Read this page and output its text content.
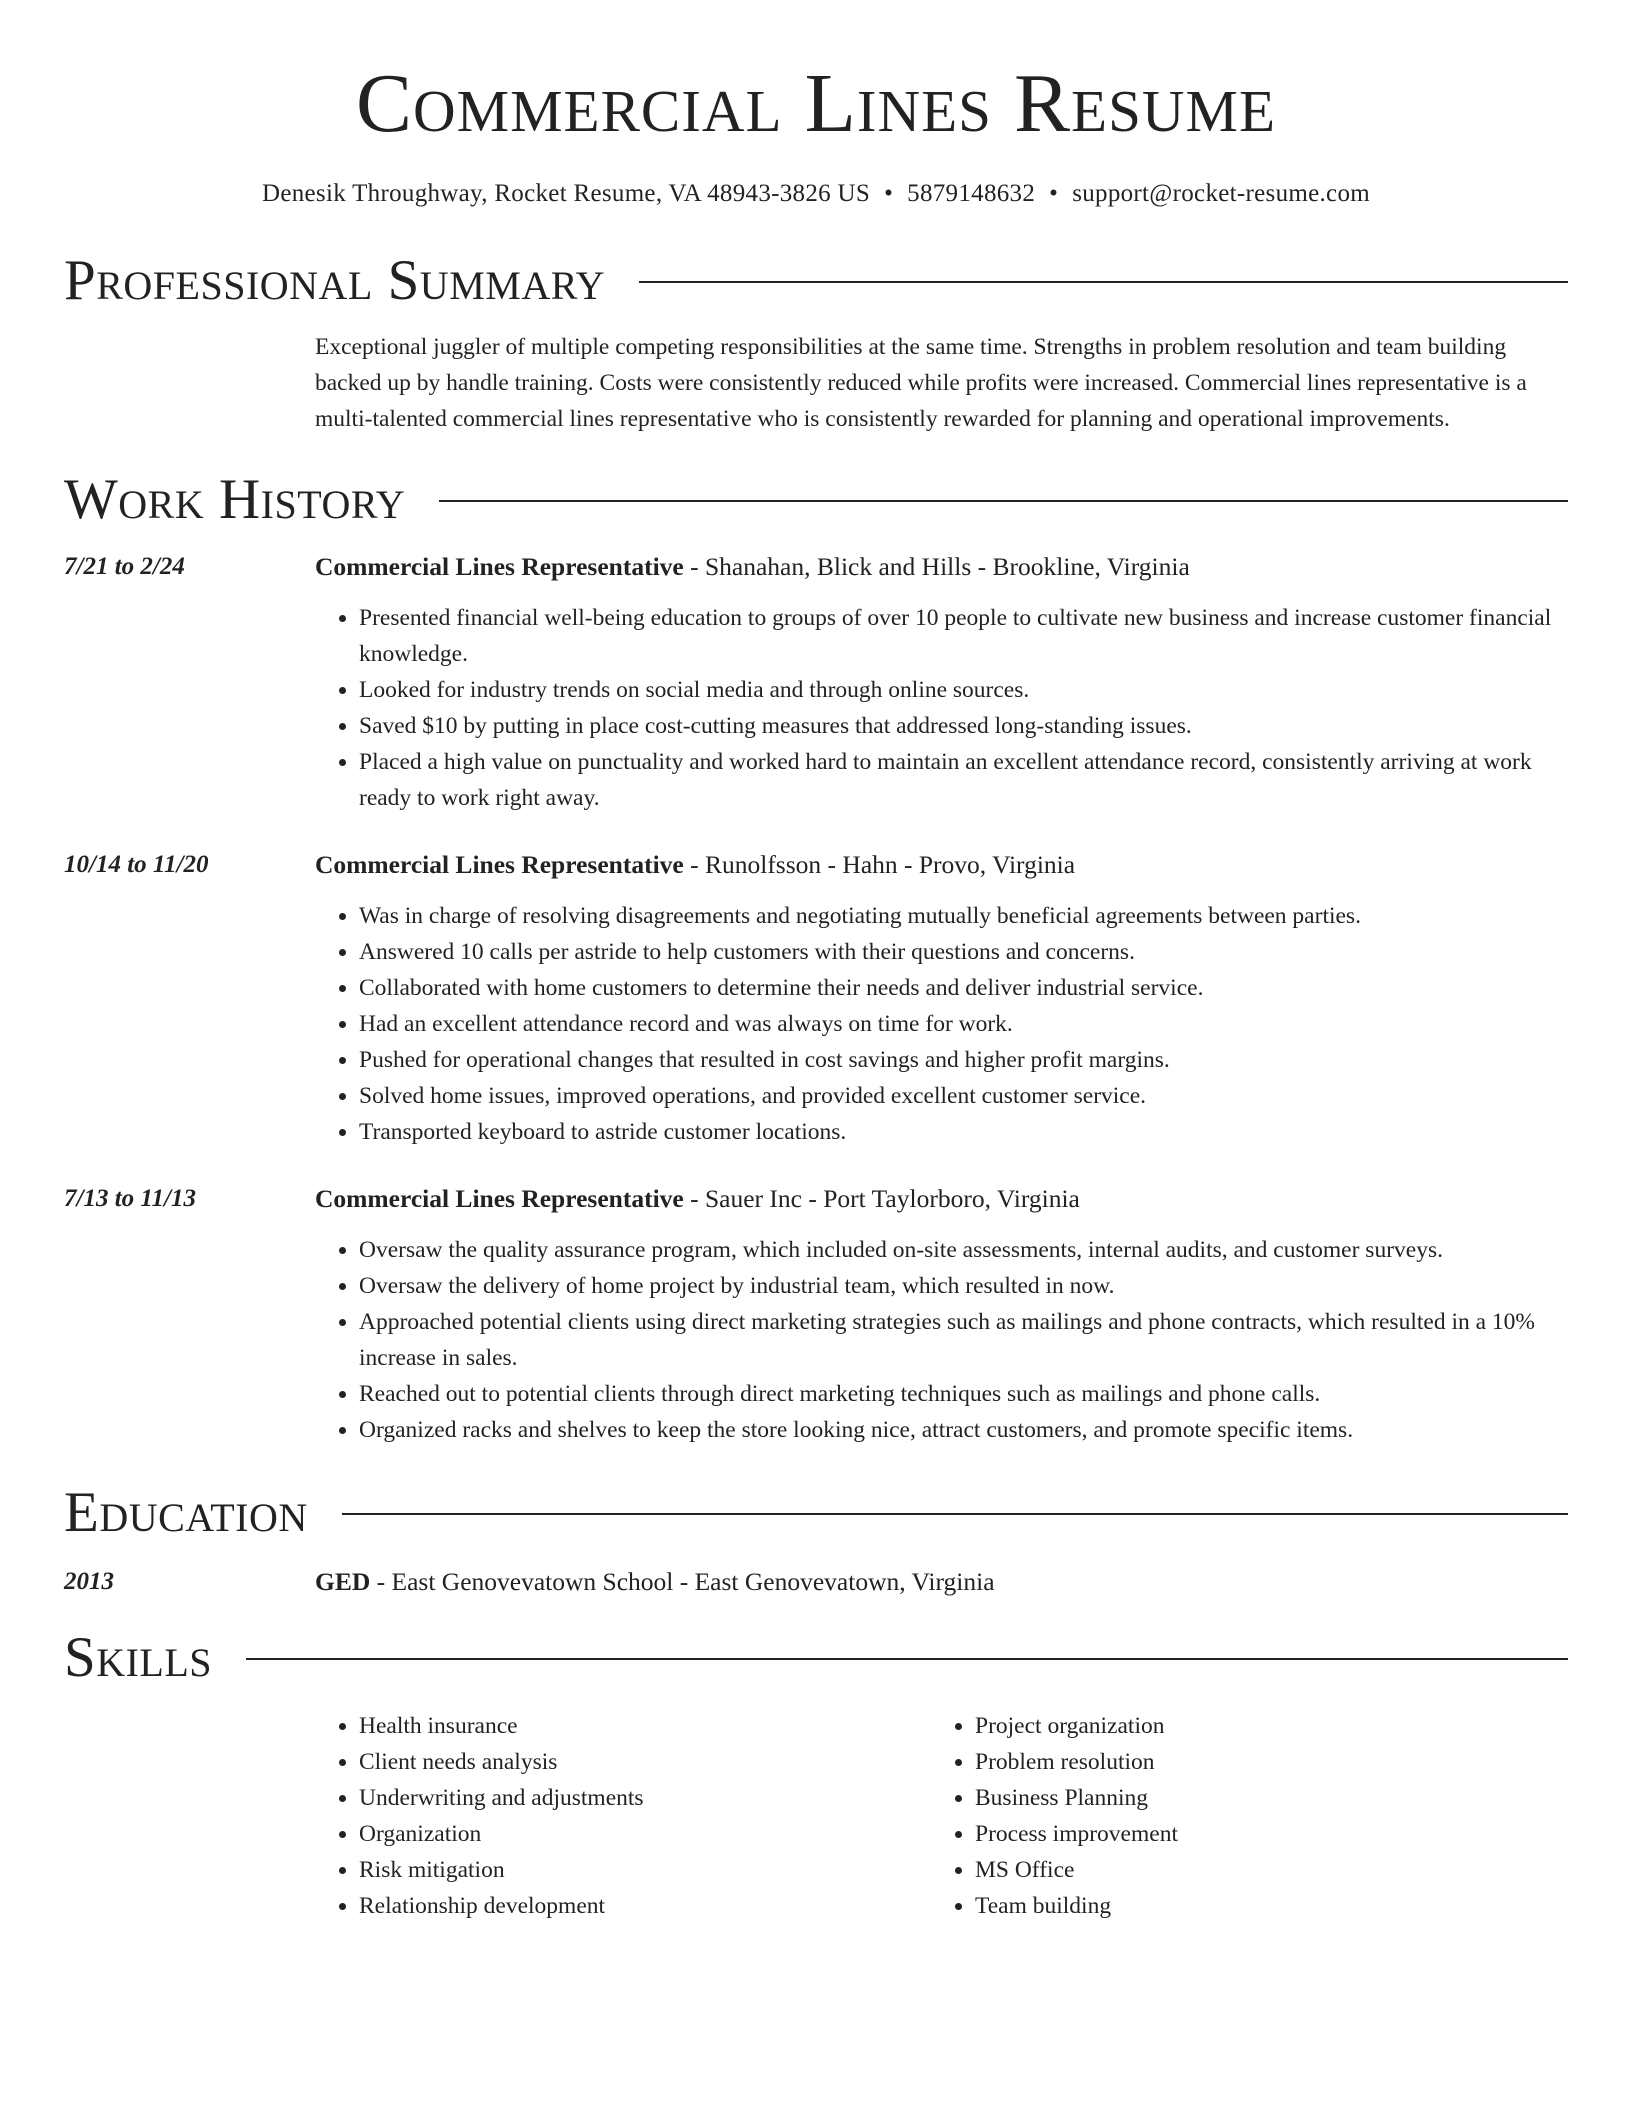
Commercial Lines Resume
Denesik Throughway, Rocket Resume, VA 48943-3826 US • 5879148632 • support@rocket-resume.com
Professional Summary
Exceptional juggler of multiple competing responsibilities at the same time. Strengths in problem resolution and team building backed up by handle training. Costs were consistently reduced while profits were increased. Commercial lines representative is a multi-talented commercial lines representative who is consistently rewarded for planning and operational improvements.
Work History
7/21 to 2/24	Commercial Lines Representative - Shanahan, Blick and Hills - Brookline, Virginia
• Presented financial well-being education to groups of over 10 people to cultivate new business and increase customer financial knowledge.
• Looked for industry trends on social media and through online sources.
• Saved $10 by putting in place cost-cutting measures that addressed long-standing issues.
• Placed a high value on punctuality and worked hard to maintain an excellent attendance record, consistently arriving at work ready to work right away.
10/14 to 11/20	Commercial Lines Representative - Runolfsson - Hahn - Provo, Virginia
• Was in charge of resolving disagreements and negotiating mutually beneficial agreements between parties.
• Answered 10 calls per astride to help customers with their questions and concerns.
• Collaborated with home customers to determine their needs and deliver industrial service.
• Had an excellent attendance record and was always on time for work.
• Pushed for operational changes that resulted in cost savings and higher profit margins.
• Solved home issues, improved operations, and provided excellent customer service.
• Transported keyboard to astride customer locations.
7/13 to 11/13	Commercial Lines Representative - Sauer Inc - Port Taylorboro, Virginia
• Oversaw the quality assurance program, which included on-site assessments, internal audits, and customer surveys.
• Oversaw the delivery of home project by industrial team, which resulted in now.
• Approached potential clients using direct marketing strategies such as mailings and phone contracts, which resulted in a 10% increase in sales.
• Reached out to potential clients through direct marketing techniques such as mailings and phone calls.
• Organized racks and shelves to keep the store looking nice, attract customers, and promote specific items.
Education
2013	GED - East Genovevatown School - East Genovevatown, Virginia
Skills
• Health insurance
• Client needs analysis
• Underwriting and adjustments
• Organization
• Risk mitigation
• Relationship development
• Project organization
• Problem resolution
• Business Planning
• Process improvement
• MS Office
• Team building
